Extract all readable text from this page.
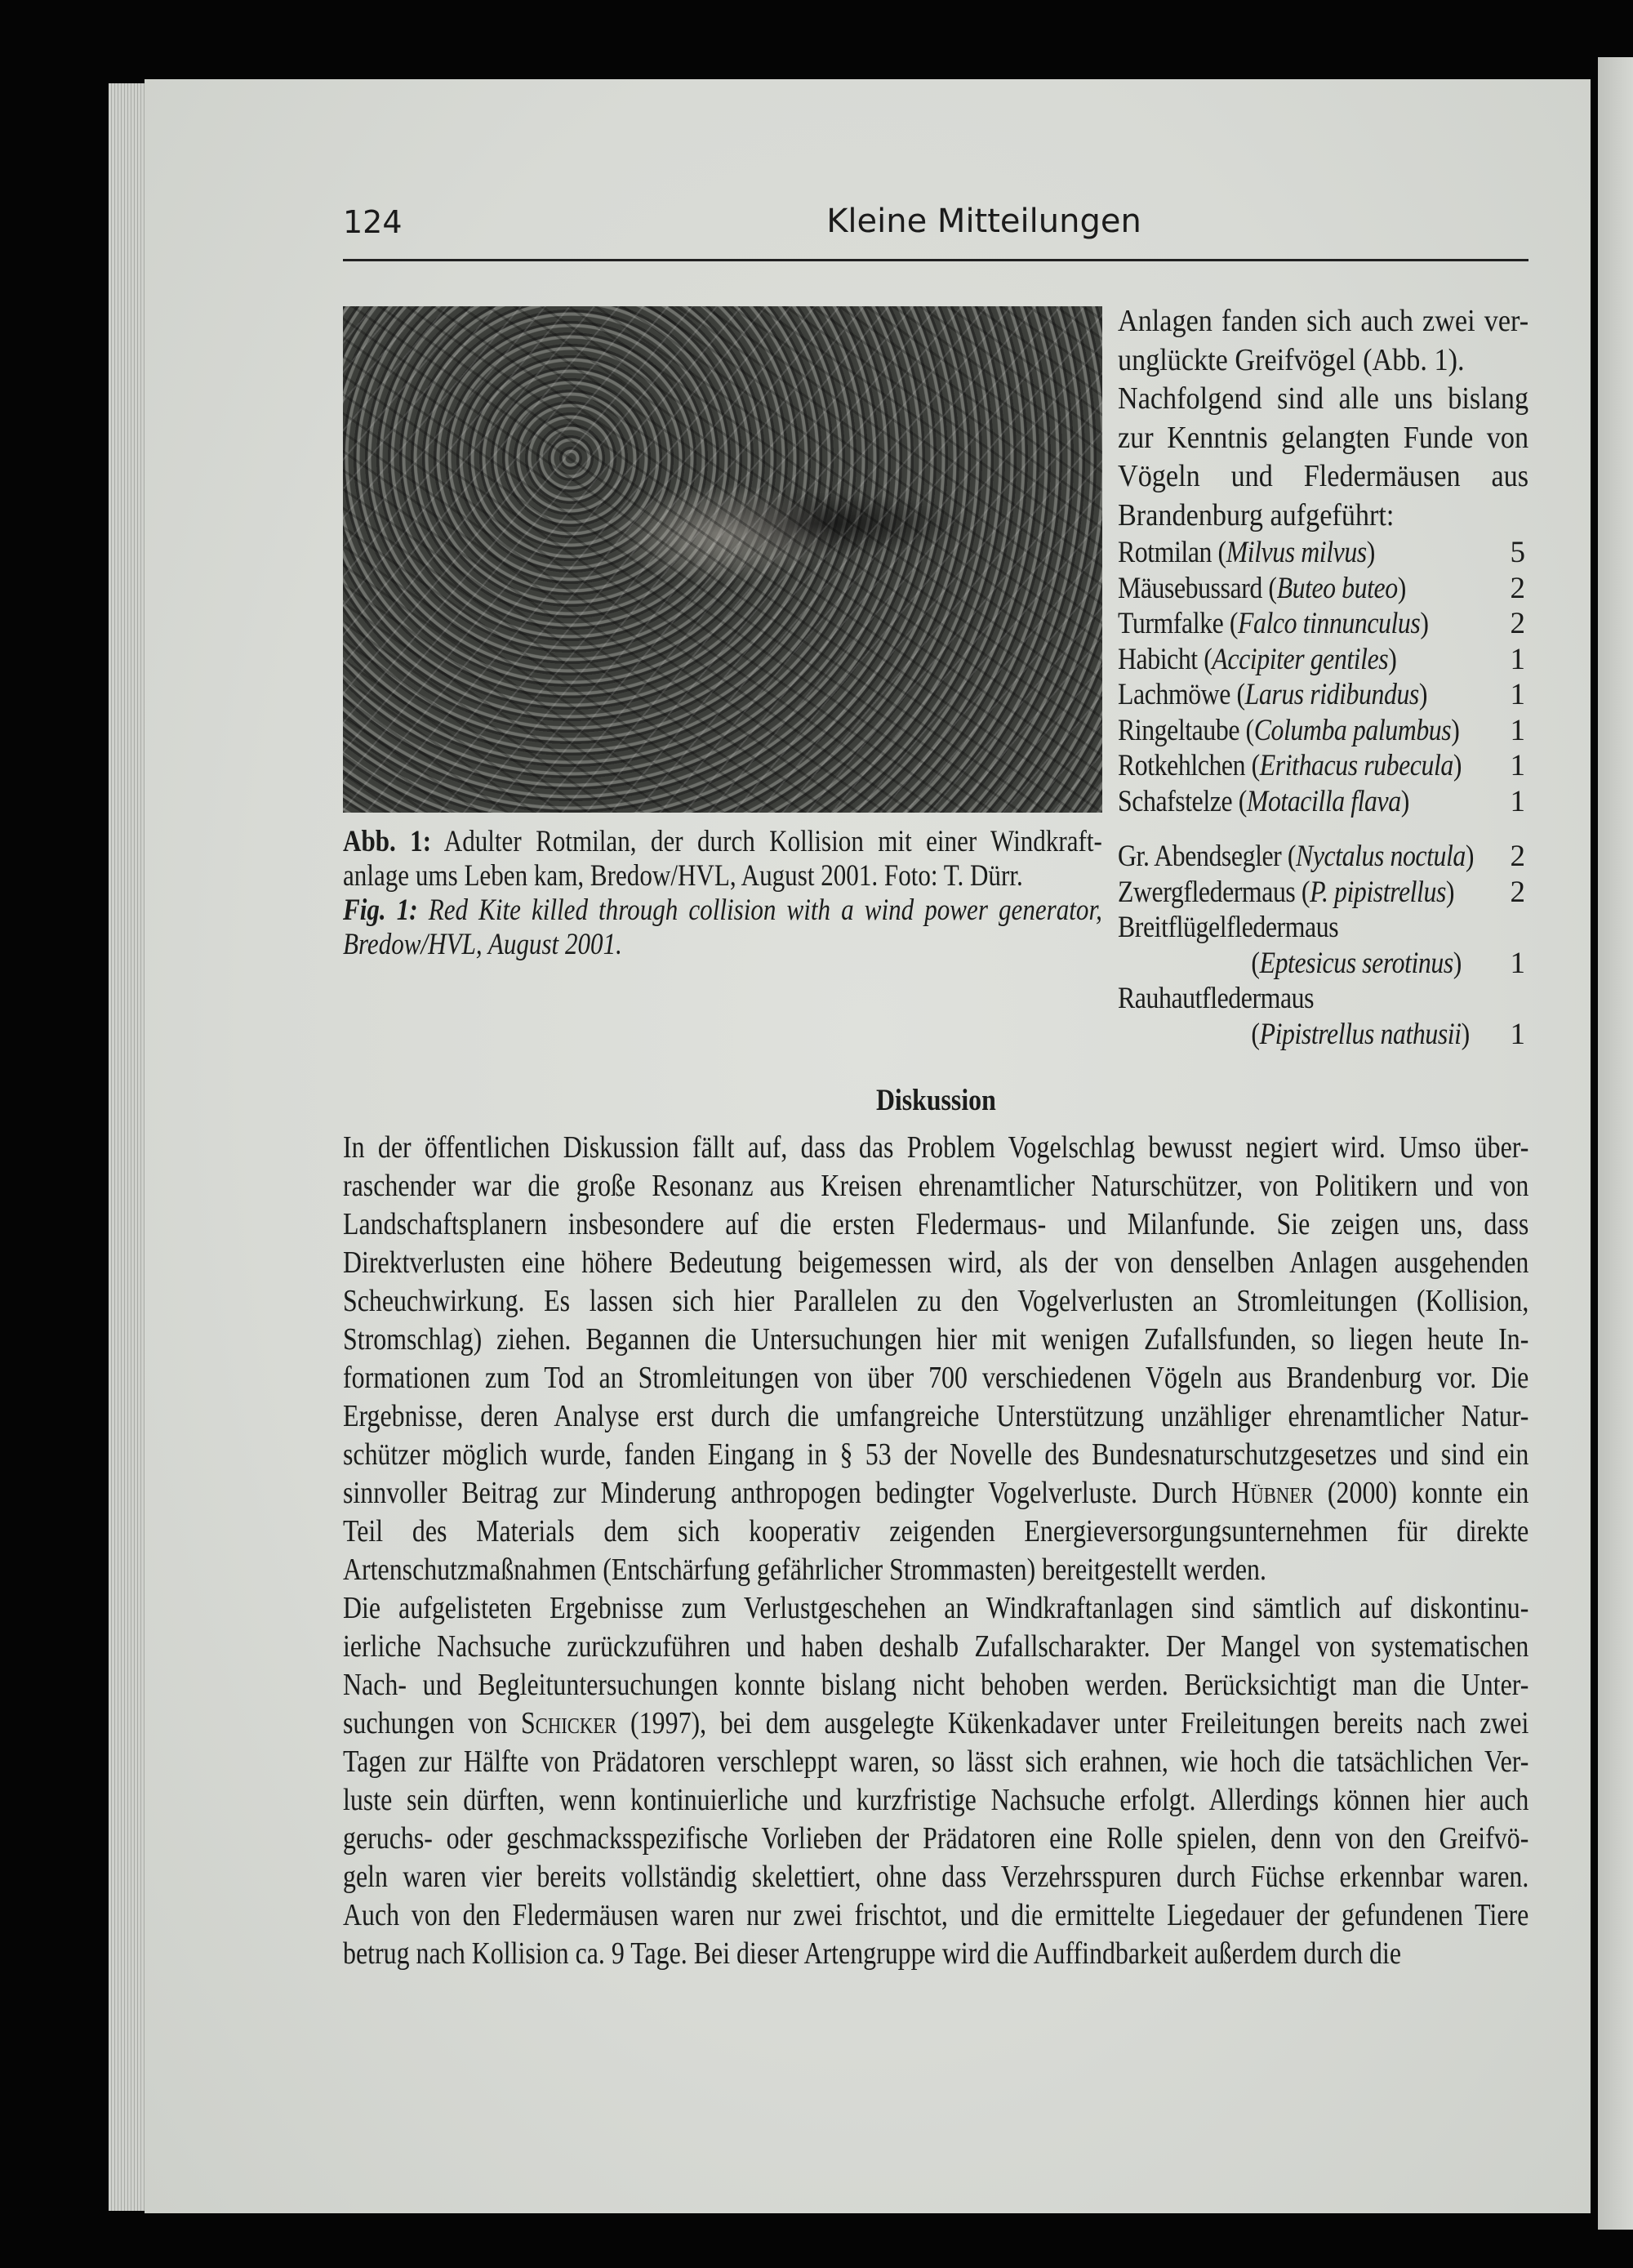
124	Kleine Mitteilungen
Abb. 1: Adulter Rotmilan, der durch Kollision mit einer Windkraft-
anlage ums Leben kam, Bredow/HVL, August 2001. Foto: T. Dürr.
Fig. 1: Red Kite killed through collision with a wind power generator,
Bredow/HVL, August 2001.
Anlagen fanden sich auch zwei ver-
unglückte Greifvögel (Abb. 1).
Nachfolgend sind alle uns bislang
zur Kenntnis gelangten Funde von
Vögeln und Fledermäusen aus
Brandenburg aufgeführt:
Rotmilan (Milvus milvus)	5
Mäusebussard (Buteo buteo)	2
Turmfalke (Falco tinnunculus)	2
Habicht (Accipiter gentiles)	1
Lachmöwe (Larus ridibundus)	1
Ringeltaube (Columba palumbus) 1
Rotkehlchen (Erithacus rubecula) 1
Schafstelze (Motacilla flava)	1
Gr. Abendsegler (Nyctalus noctula) 2
Zwergfledermaus (P. pipistrellus) 2
Breitflügelfledermaus
(Eptesicus serotinus) 1
Rauhautfledermaus
(Pipistrellus nathusii) 1
Diskussion
In der öffentlichen Diskussion fällt auf, dass das Problem Vogelschlag bewusst negiert wird. Umso über-
raschender war die große Resonanz aus Kreisen ehrenamtlicher Naturschützer, von Politikern und von
Landschaftsplanern insbesondere auf die ersten Fledermaus- und Milanfunde. Sie zeigen uns, dass
Direktverlusten eine höhere Bedeutung beigemessen wird, als der von denselben Anlagen ausgehenden
Scheuchwirkung. Es lassen sich hier Parallelen zu den Vogelverlusten an Stromleitungen (Kollision,
Stromschlag) ziehen. Begannen die Untersuchungen hier mit wenigen Zufallsfunden, so liegen heute In-
formationen zum Tod an Stromleitungen von über 700 verschiedenen Vögeln aus Brandenburg vor. Die
Ergebnisse, deren Analyse erst durch die umfangreiche Unterstützung unzähliger ehrenamtlicher Natur-
schützer möglich wurde, fanden Eingang in § 53 der Novelle des Bundesnaturschutzgesetzes und sind ein
sinnvoller Beitrag zur Minderung anthropogen bedingter Vogelverluste. Durch Hübner (2000) konnte ein
Teil des Materials dem sich kooperativ zeigenden Energieversorgungsunternehmen für direkte
Artenschutzmaßnahmen (Entschärfung gefährlicher Strommasten) bereitgestellt werden.
Die aufgelisteten Ergebnisse zum Verlustgeschehen an Windkraftanlagen sind sämtlich auf diskontinu-
ierliche Nachsuche zurückzuführen und haben deshalb Zufallscharakter. Der Mangel von systematischen
Nach- und Begleituntersuchungen konnte bislang nicht behoben werden. Berücksichtigt man die Unter-
suchungen von Schicker (1997), bei dem ausgelegte Kükenkadaver unter Freileitungen bereits nach zwei
Tagen zur Hälfte von Prädatoren verschleppt waren, so lässt sich erahnen, wie hoch die tatsächlichen Ver-
luste sein dürften, wenn kontinuierliche und kurzfristige Nachsuche erfolgt. Allerdings können hier auch
geruchs- oder geschmacksspezifische Vorlieben der Prädatoren eine Rolle spielen, denn von den Greifvö-
geln waren vier bereits vollständig skelettiert, ohne dass Verzehrsspuren durch Füchse erkennbar waren.
Auch von den Fledermäusen waren nur zwei frischtot, und die ermittelte Liegedauer der gefundenen Tiere
betrug nach Kollision ca. 9 Tage. Bei dieser Artengruppe wird die Auffindbarkeit außerdem durch die
